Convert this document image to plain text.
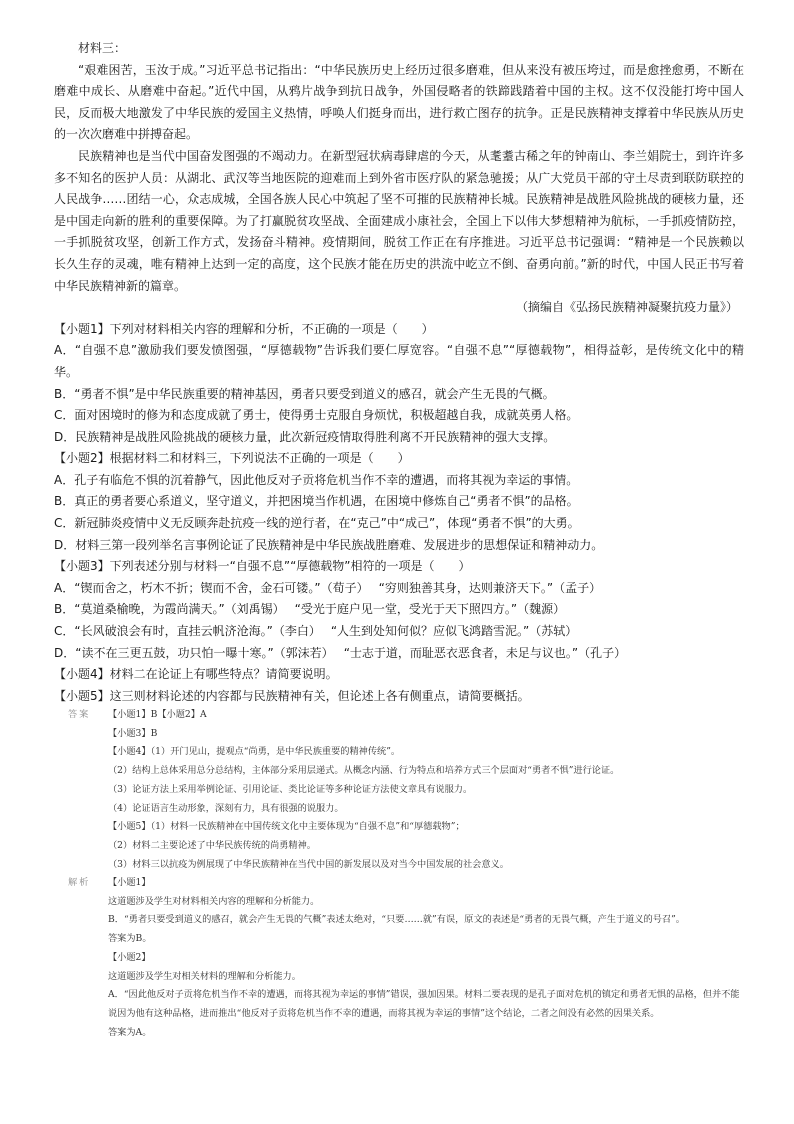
材料三：

“艰难困苦，玉汝于成。”习近平总书记指出：“中华民族历史上经历过很多磨难，但从来没有被压垮过，而是愈挫愈勇，不断在磨难中成长、从磨难中奋起。”近代中国，从鸦片战争到抗日战争，外国侵略者的铁蹄践踏着中国的主权。这不仅没能打垮中国人民，反而极大地激发了中华民族的爱国主义热情，呼唤人们挺身而出，进行救亡图存的抗争。正是民族精神支撑着中华民族从历史的一次次磨难中拼搏奋起。

民族精神也是当代中国奋发图强的不竭动力。在新型冠状病毒肆虐的今天，从耄耋古稀之年的钟南山、李兰娟院士，到许许多多不知名的医护人员：从湖北、武汉等当地医院的迎难而上到外省市医疗队的紧急驰援；从广大党员干部的守土尽责到联防联控的人民战争……团结一心，众志成城，全国各族人民心中筑起了坚不可摧的民族精神长城。民族精神是战胜风险挑战的硬核力量，还是中国走向新的胜利的重要保障。为了打赢脱贫攻坚战、全面建成小康社会，全国上下以伟大梦想精神为航标，一手抓疫情防控，一手抓脱贫攻坚，创新工作方式，发扬奋斗精神。疫情期间，脱贫工作正在有序推进。习近平总书记强调：“精神是一个民族赖以长久生存的灵魂，唯有精神上达到一定的高度，这个民族才能在历史的洪流中屹立不倒、奋勇向前。”新的时代，中国人民正书写着中华民族精神新的篇章。

（摘编自《弘扬民族精神凝聚抗疫力量》）

【小题1】下列对材料相关内容的理解和分析，不正确的一项是（　　）

A．“自强不息”激励我们要发愤图强，“厚德载物”告诉我们要仁厚宽容。“自强不息”“厚德载物”，相得益彰，是传统文化中的精华。

B．“勇者不惧”是中华民族重要的精神基因，勇者只要受到道义的感召，就会产生无畏的气概。

C．面对困境时的修为和态度成就了勇士，使得勇士克服自身烦忧，积极超越自我，成就英勇人格。

D．民族精神是战胜风险挑战的硬核力量，此次新冠疫情取得胜利离不开民族精神的强大支撑。

【小题2】根据材料二和材料三，下列说法不正确的一项是（　　）

A．孔子有临危不惧的沉着静气，因此他反对子贡将危机当作不幸的遭遇，而将其视为幸运的事情。

B．真正的勇者要心系道义，坚守道义，并把困境当作机遇，在困境中修炼自己“勇者不惧”的品格。

C．新冠肺炎疫情中义无反顾奔赴抗疫一线的逆行者，在“克己”中“成己”，体现“勇者不惧”的大勇。

D．材料三第一段列举名言事例论证了民族精神是中华民族战胜磨难、发展进步的思想保证和精神动力。

【小题3】下列表述分别与材料一“自强不息”“厚德载物”相符的一项是（　　）

A．“锲而舍之，朽木不折；锲而不舍，金石可镂。”（荀子） “穷则独善其身，达则兼济天下。”（孟子）

B．“莫道桑榆晚，为霞尚满天。”（刘禹锡） “受光于庭户见一堂，受光于天下照四方。”（魏源）

C．“长风破浪会有时，直挂云帆济沧海。”（李白） “人生到处知何似？应似飞鸿踏雪泥。”（苏轼）

D．“读不在三更五鼓，功只怕一曝十寒。”（郭沫若） “士志于道，而耻恶衣恶食者，未足与议也。”（孔子）

【小题4】材料二在论证上有哪些特点？请简要说明。

【小题5】这三则材料论述的内容都与民族精神有关，但论述上各有侧重点，请简要概括。

答案	【小题1】B【小题2】A

【小题3】B

【小题4】（1）开门见山，提观点“尚勇，是中华民族重要的精神传统”。

（2）结构上总体采用总分总结构，主体部分采用层递式。从概念内涵、行为特点和培养方式三个层面对“勇者不惧”进行论证。

（3）论证方法上采用举例论证、引用论证、类比论证等多种论证方法使文章具有说服力。

（4）论证语言生动形象，深刻有力，具有很强的说服力。

【小题5】（1）材料一民族精神在中国传统文化中主要体现为“自强不息”和“厚德载物”；

（2）材料二主要论述了中华民族传统的尚勇精神。

（3）材料三以抗疫为例展现了中华民族精神在当代中国的新发展以及对当今中国发展的社会意义。

解析	【小题1】

这道题涉及学生对材料相关内容的理解和分析能力。

B．“勇者只要受到道义的感召，就会产生无畏的气概”表述太绝对，“只要……就”有误，原文的表述是“勇者的无畏气概，产生于道义的号召”。

答案为B。

【小题2】

这道题涉及学生对相关材料的理解和分析能力。

A．“因此他反对子贡将危机当作不幸的遭遇，而将其视为幸运的事情”错误，强加因果。材料二要表现的是孔子面对危机的镇定和勇者无惧的品格，但并不能说因为他有这种品格，进而推出“他反对子贡将危机当作不幸的遭遇，而将其视为幸运的事情”这个结论，二者之间没有必然的因果关系。

答案为A。
